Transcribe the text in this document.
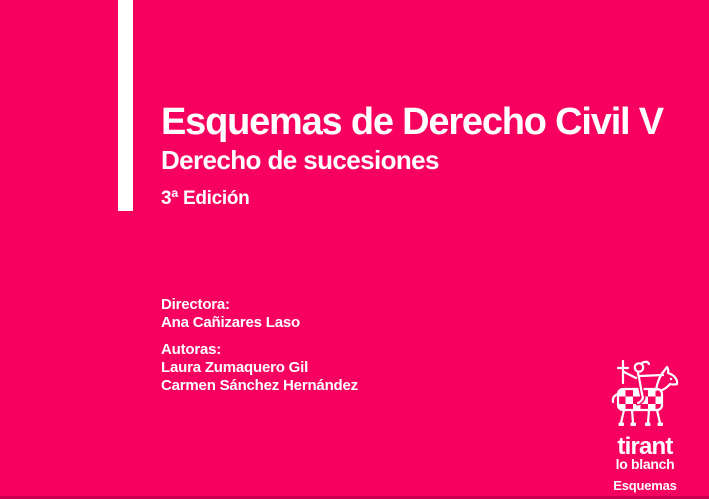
Esquemas de Derecho Civil V
Derecho de sucesiones
3ª Edición
Directora:
Ana Cañizares Laso
Autoras:
Laura Zumaquero Gil
Carmen Sánchez Hernández
tirant
lo blanch
Esquemas
